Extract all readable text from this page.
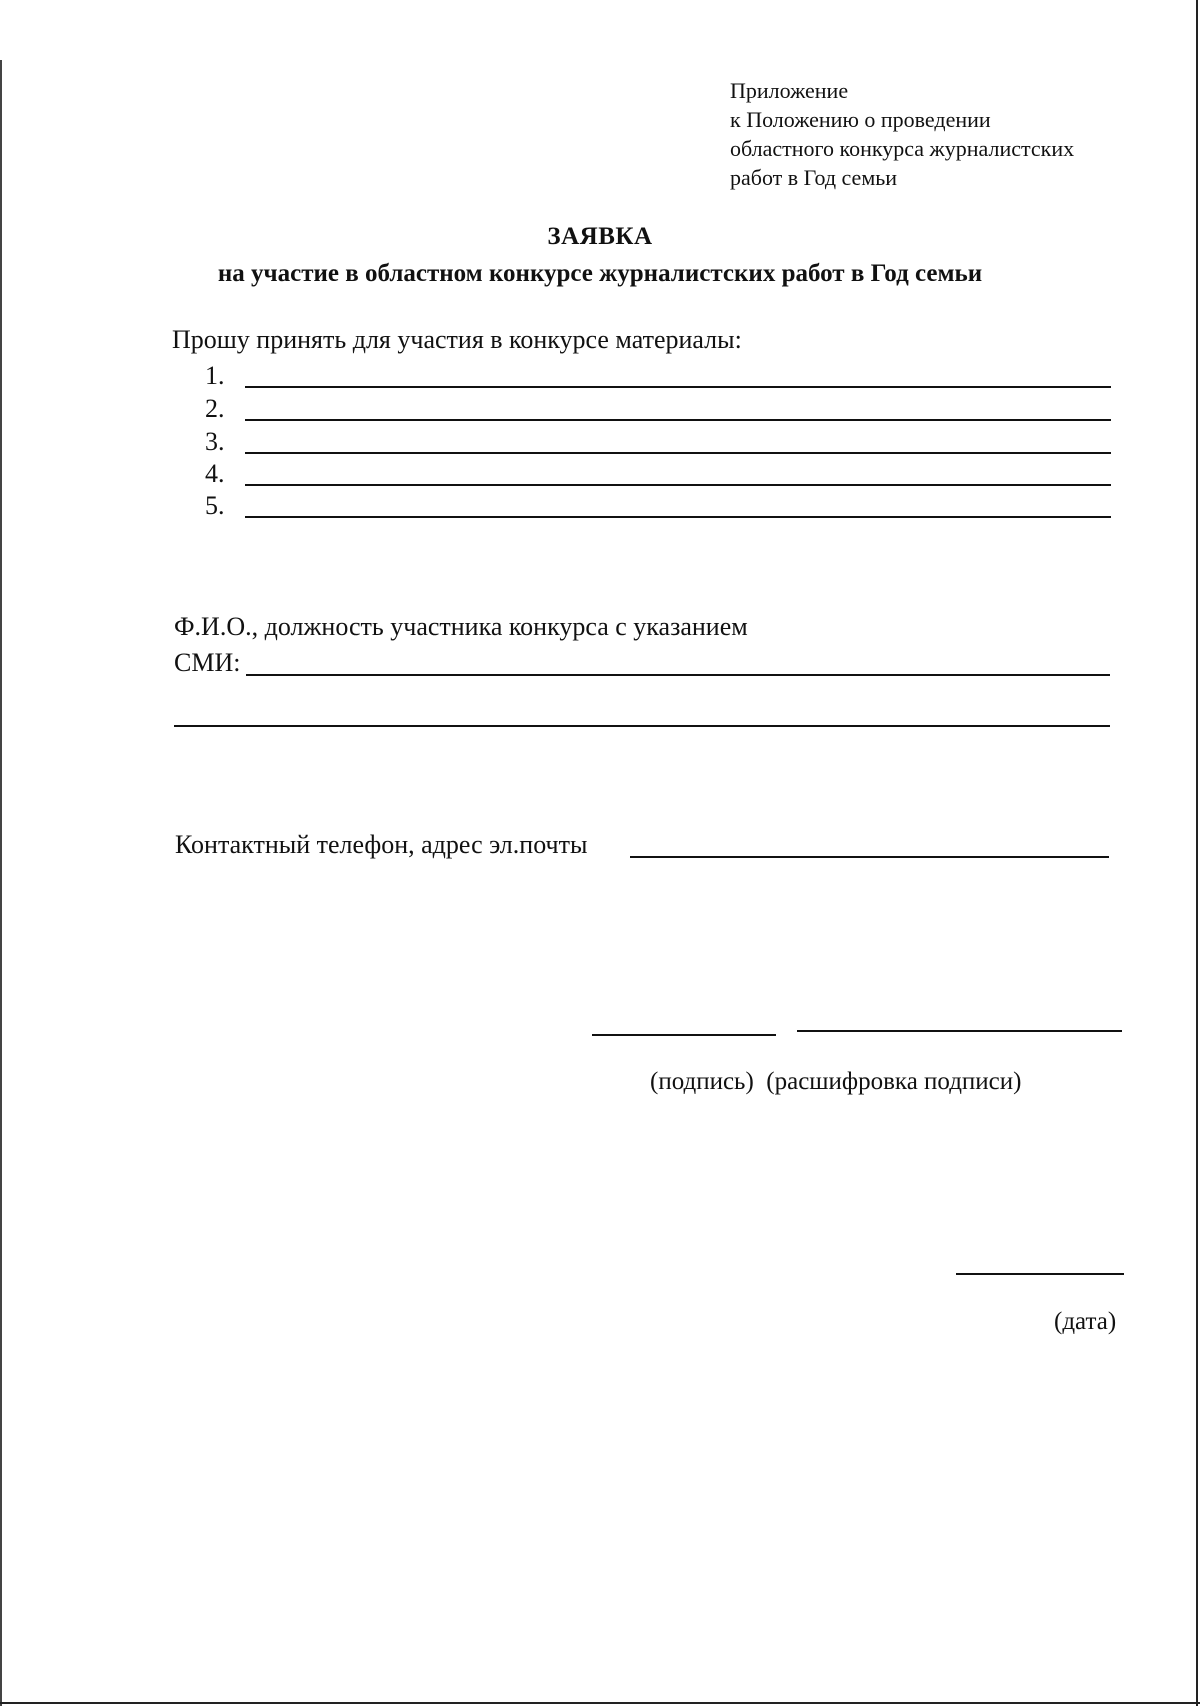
Приложение
к Положению о проведении
областного конкурса журналистских
работ в Год семьи
ЗАЯВКА
на участие в областном конкурсе журналистских работ в Год семьи
Прошу принять для участия в конкурсе материалы:
1.
2.
3.
4.
5.
Ф.И.О., должность участника конкурса с указанием
СМИ:
Контактный телефон, адрес эл.почты
(подпись)  (расшифровка подписи)
(дата)
